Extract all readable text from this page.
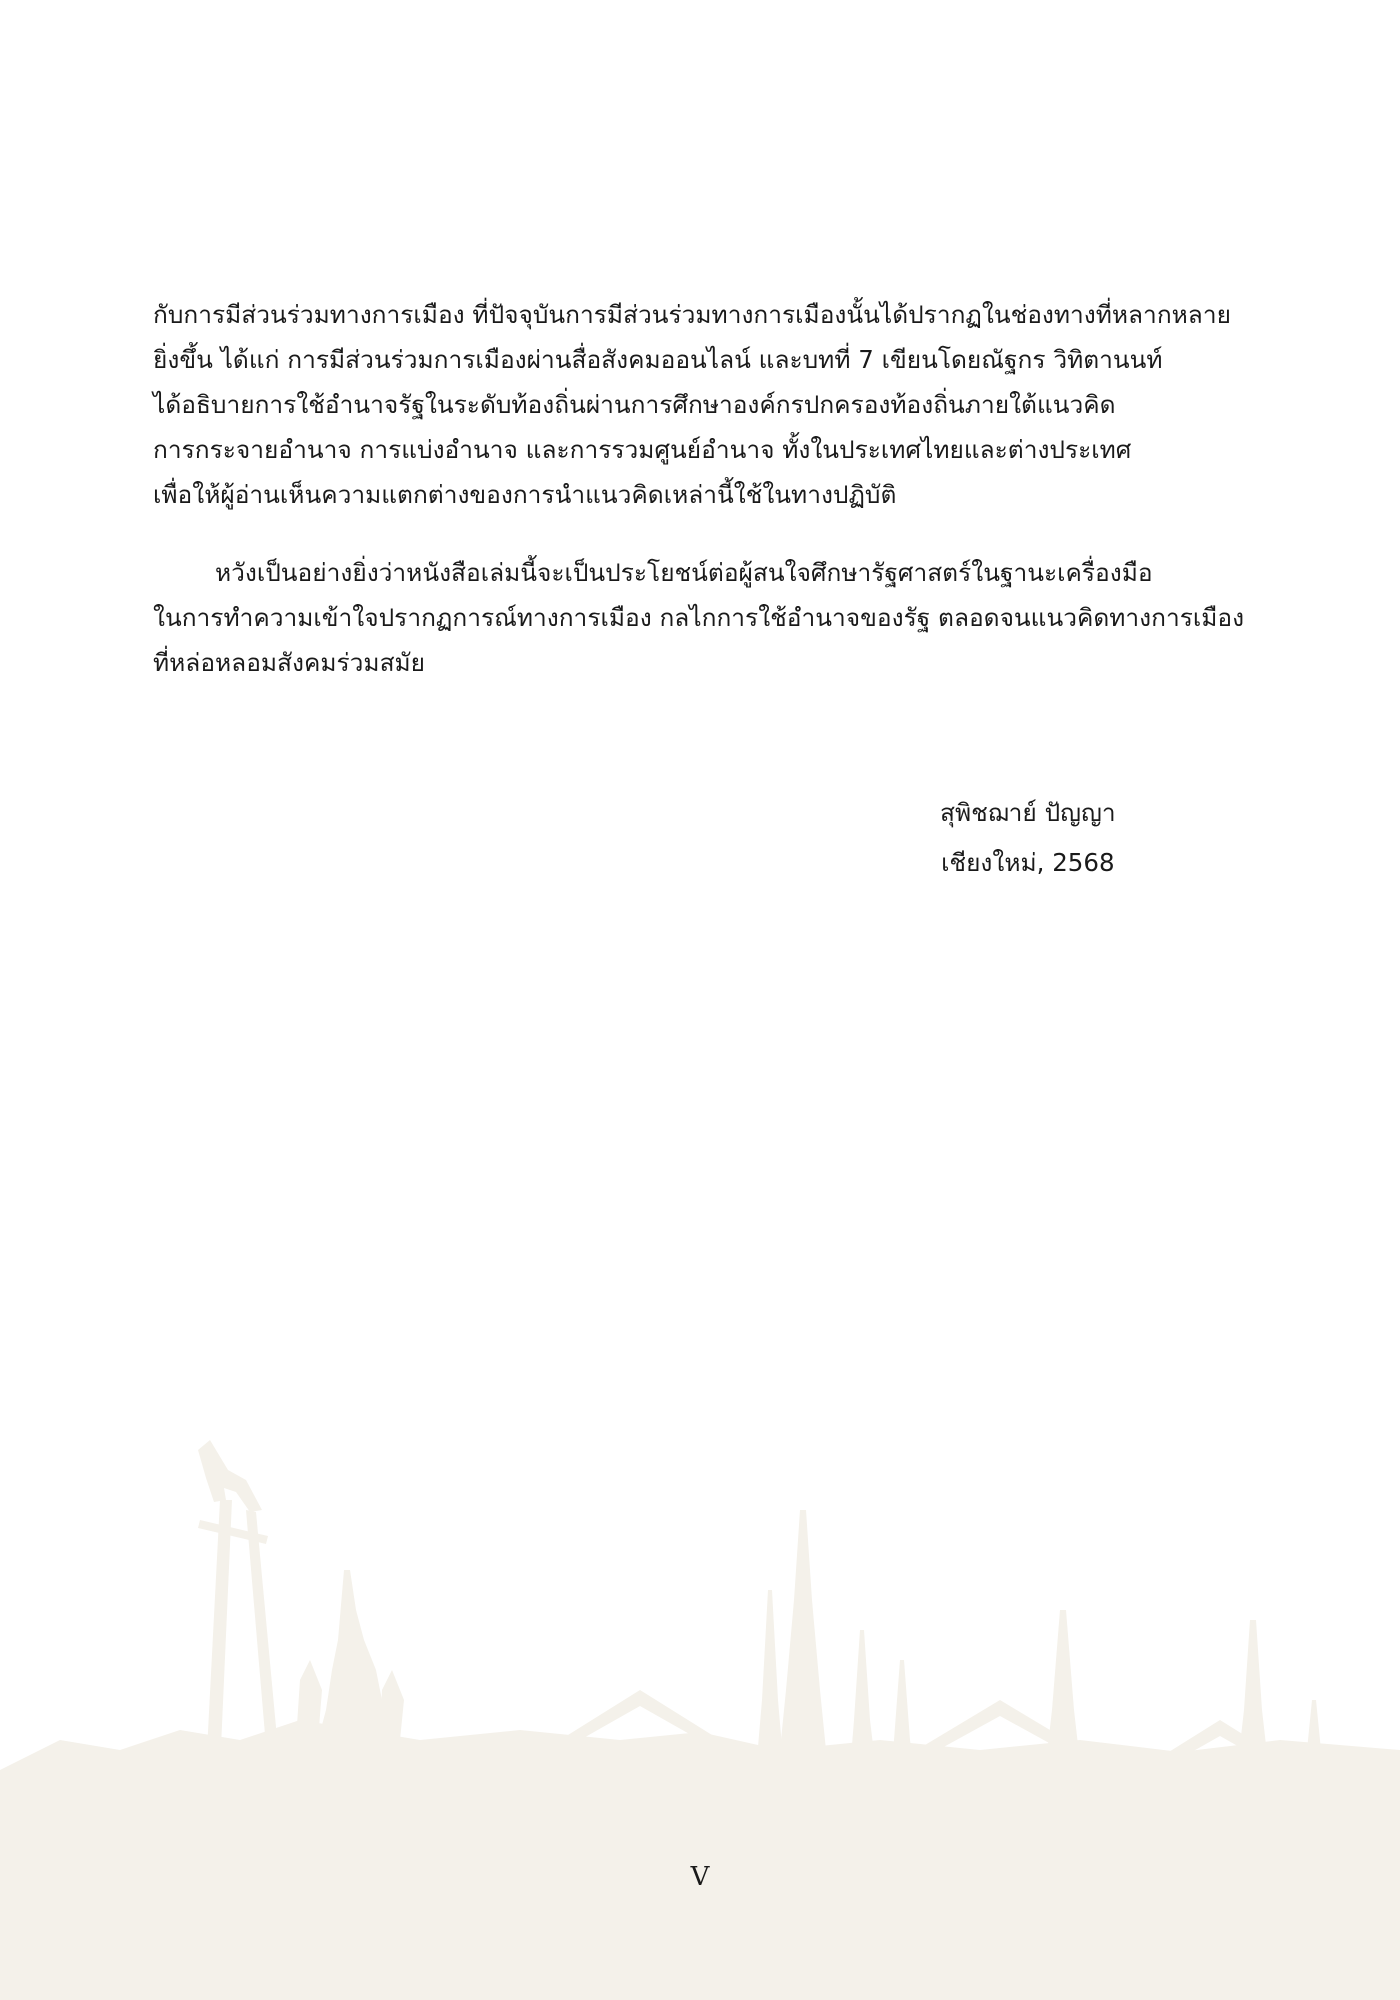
กับการมีส่วนร่วมทางการเมือง ที่ปัจจุบันการมีส่วนร่วมทางการเมืองนั้นได้ปรากฏในช่องทางที่หลากหลาย
ยิ่งขึ้น ได้แก่ การมีส่วนร่วมการเมืองผ่านสื่อสังคมออนไลน์ และบทที่ 7 เขียนโดยณัฐกร วิทิตานนท์
ได้อธิบายการใช้อำนาจรัฐในระดับท้องถิ่นผ่านการศึกษาองค์กรปกครองท้องถิ่นภายใต้แนวคิด
การกระจายอำนาจ การแบ่งอำนาจ และการรวมศูนย์อำนาจ ทั้งในประเทศไทยและต่างประเทศ
เพื่อให้ผู้อ่านเห็นความแตกต่างของการนำแนวคิดเหล่านี้ใช้ในทางปฏิบัติ

หวังเป็นอย่างยิ่งว่าหนังสือเล่มนี้จะเป็นประโยชน์ต่อผู้สนใจศึกษารัฐศาสตร์ในฐานะเครื่องมือ
ในการทำความเข้าใจปรากฏการณ์ทางการเมือง กลไกการใช้อำนาจของรัฐ ตลอดจนแนวคิดทางการเมือง
ที่หล่อหลอมสังคมร่วมสมัย

สุพิชฌาย์ ปัญญา
เชียงใหม่, 2568
V
